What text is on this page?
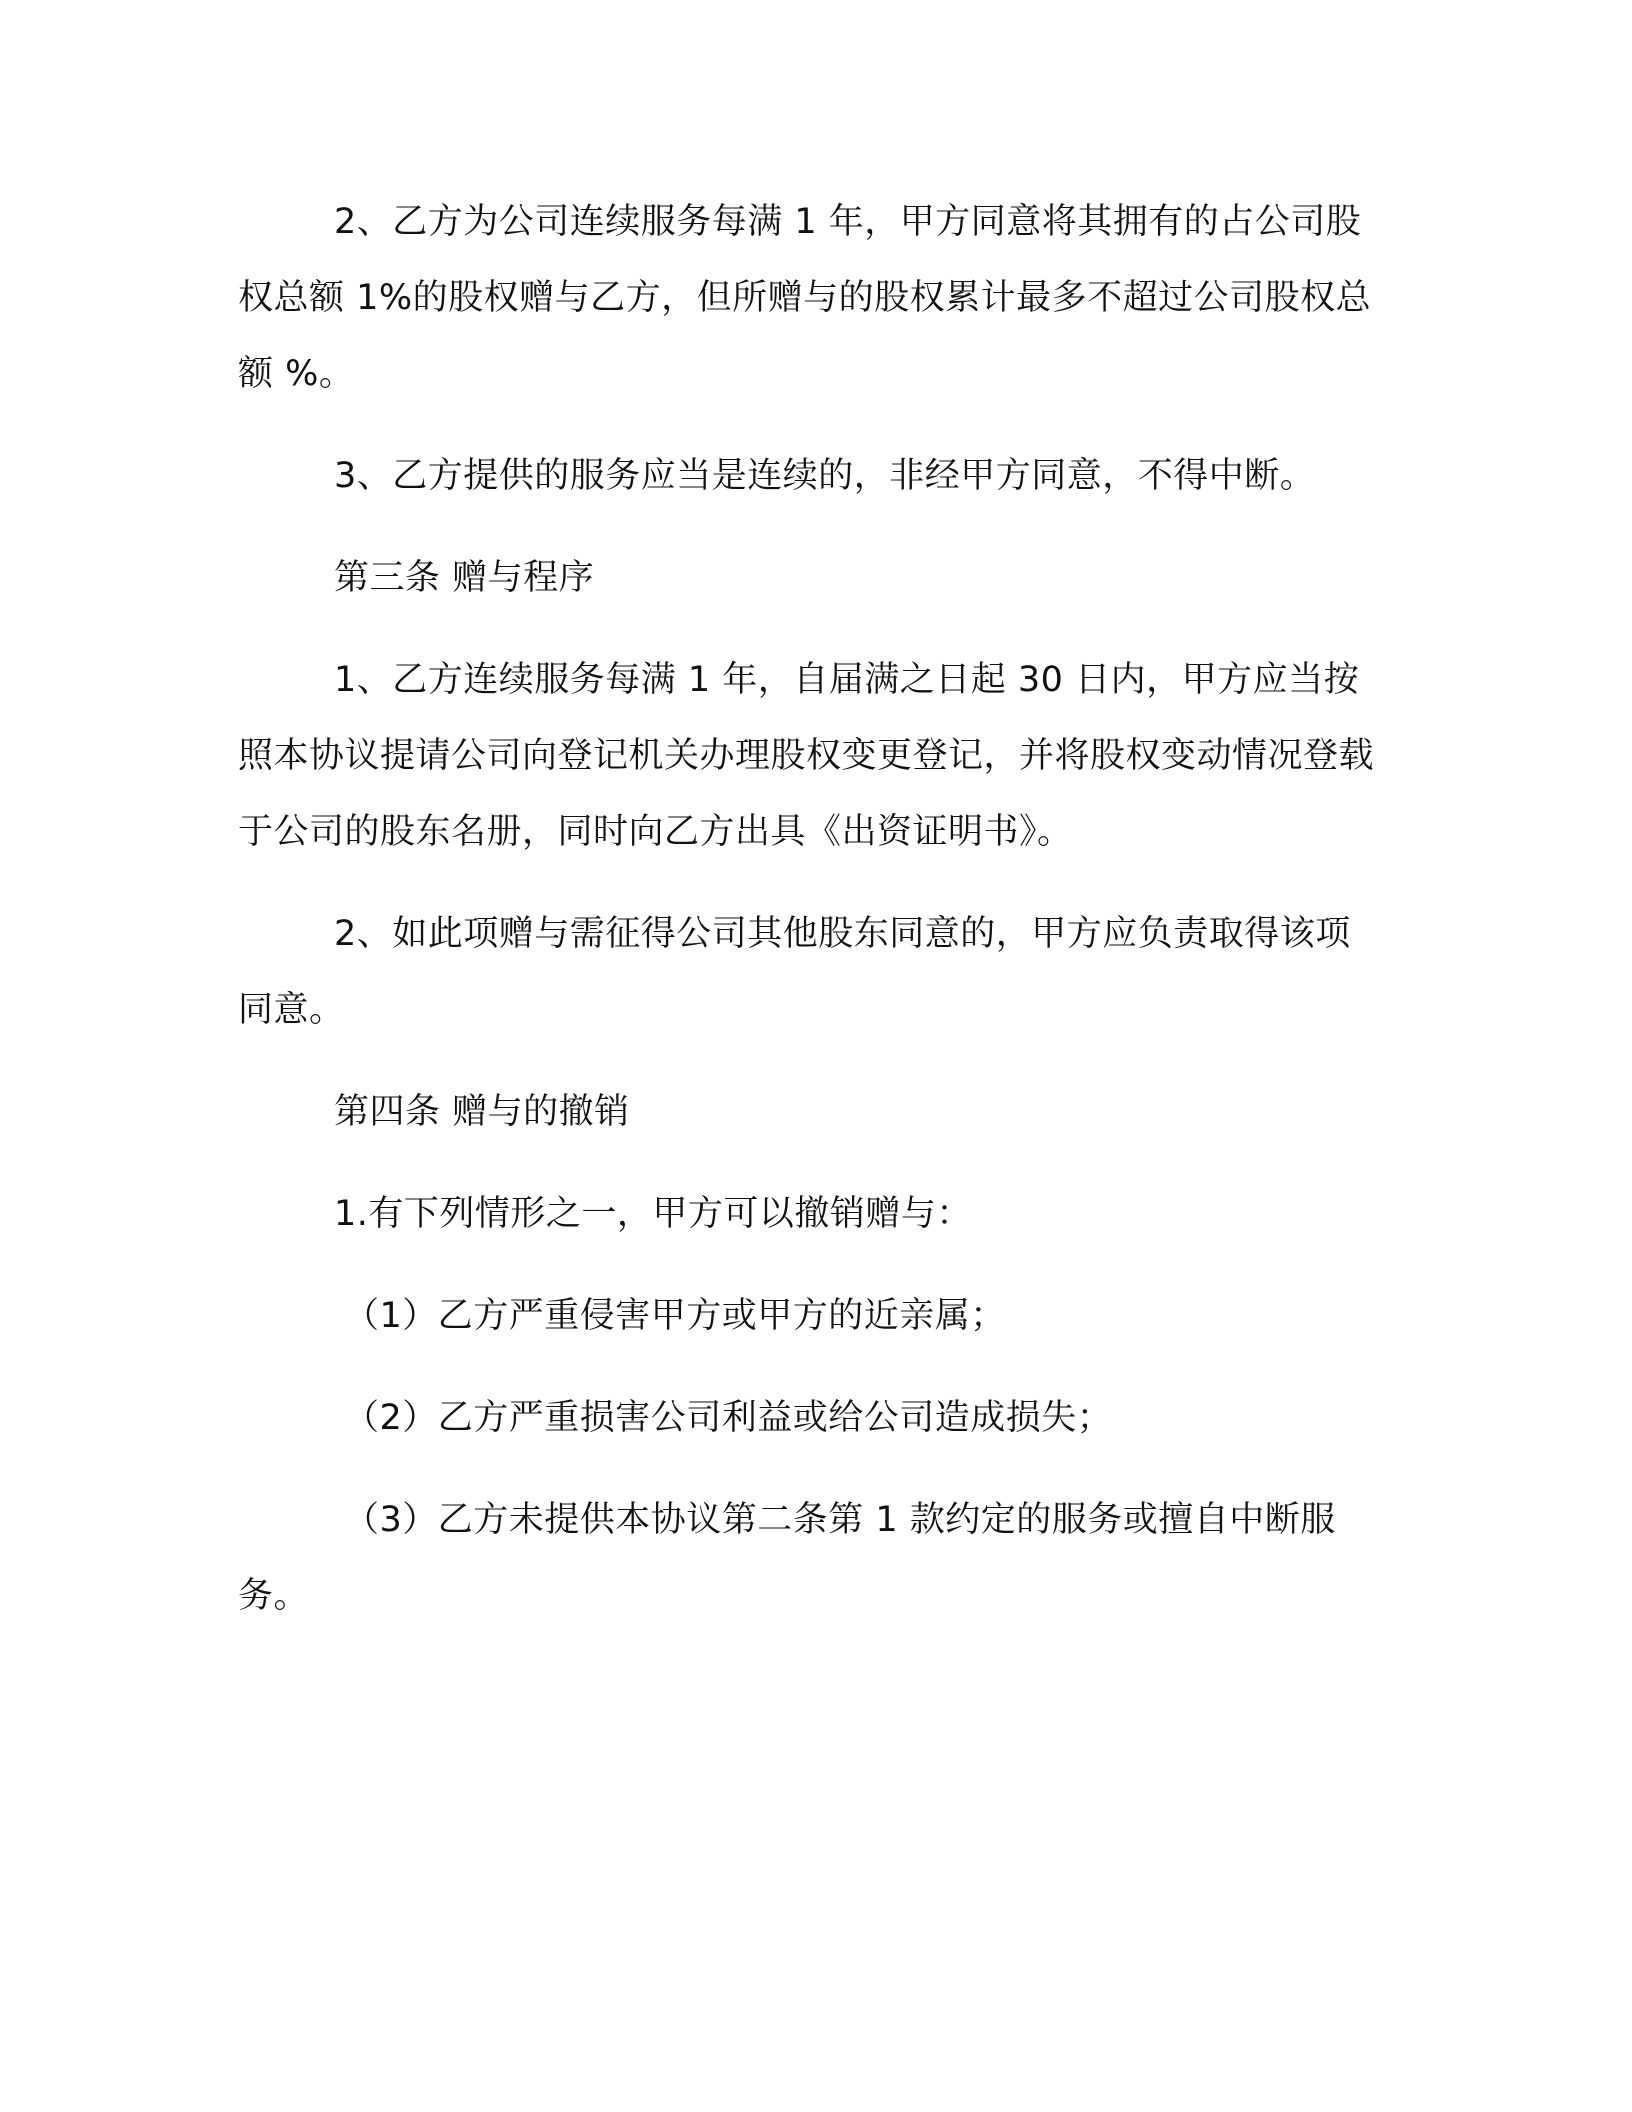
2、乙方为公司连续服务每满 1 年，甲方同意将其拥有的占公司股权总额 1%的股权赠与乙方，但所赠与的股权累计最多不超过公司股权总额 %。

3、乙方提供的服务应当是连续的，非经甲方同意，不得中断。

第三条 赠与程序

1、乙方连续服务每满 1 年，自届满之日起 30 日内，甲方应当按照本协议提请公司向登记机关办理股权变更登记，并将股权变动情况登载于公司的股东名册，同时向乙方出具《出资证明书》。

2、如此项赠与需征得公司其他股东同意的，甲方应负责取得该项同意。

第四条 赠与的撤销

1.有下列情形之一，甲方可以撤销赠与：

（1）乙方严重侵害甲方或甲方的近亲属；

（2）乙方严重损害公司利益或给公司造成损失；

（3）乙方未提供本协议第二条第 1 款约定的服务或擅自中断服务。
